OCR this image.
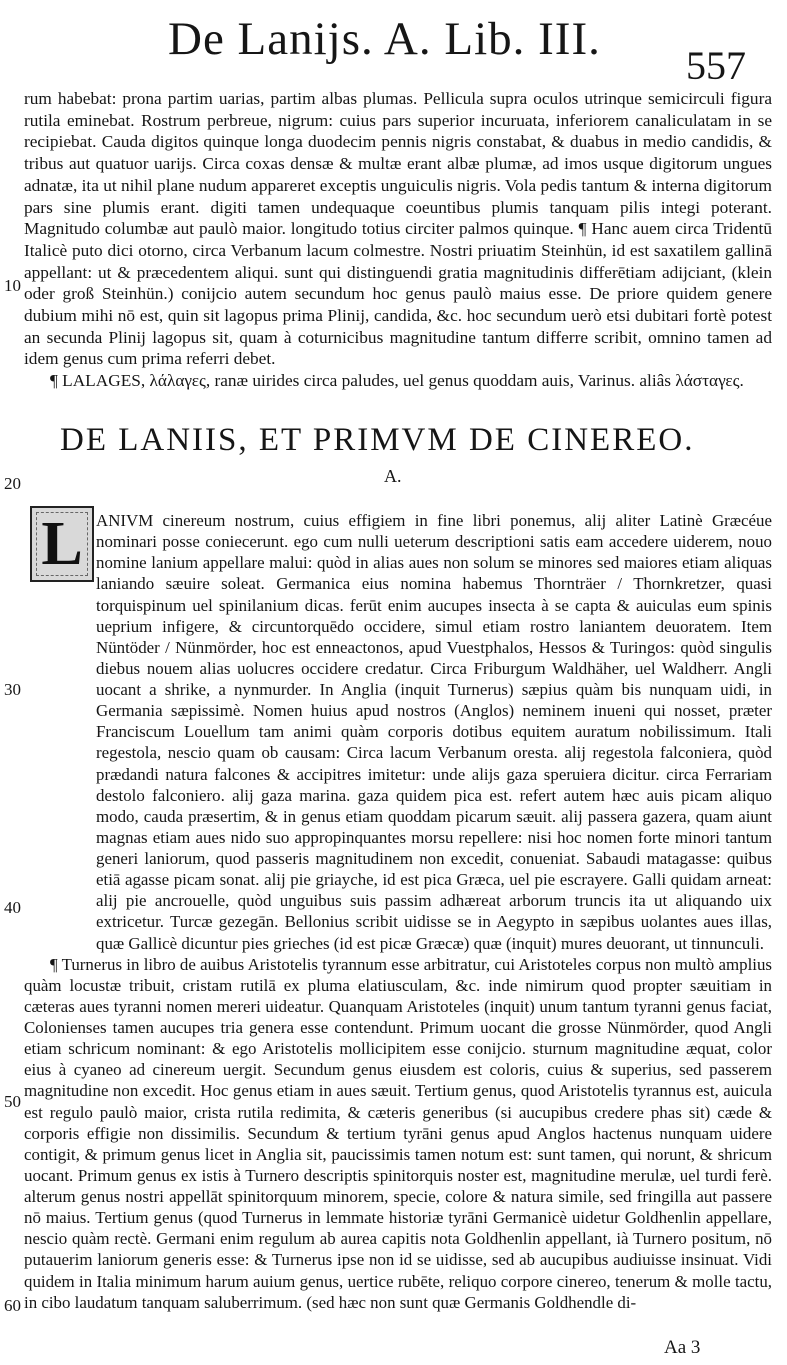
De Lanijs. A. Lib. III.
557
10
20
30
40
50
60

rum habebat: prona partim uarias, partim albas plumas. Pellicula supra oculos utrinque semicirculi figura rutila eminebat. Rostrum perbreue, nigrum: cuius pars superior incuruata, inferiorem canaliculatam in se recipiebat. Cauda digitos quinque longa duodecim pennis nigris constabat, & duabus in medio candidis, & tribus aut quatuor uarijs. Circa coxas densæ & multæ erant albæ plumæ, ad imos usque digitorum ungues adnatæ, ita ut nihil plane nudum appareret exceptis unguiculis nigris. Vola pedis tantum & interna digitorum pars sine plumis erant. digiti tamen undequaque coeuntibus plumis tanquam pilis integi poterant. Magnitudo columbæ aut paulò maior. longitudo totius circiter palmos quinque. ¶ Hanc auem circa Tridentū Italicè puto dici otorno, circa Verbanum lacum colmestre. Nostri priuatim Steinhün, id est saxatilem gallinā appellant: ut & præcedentem aliqui. sunt qui distinguendi gratia magnitudinis differētiam adijciant, (klein oder groß Steinhün.) conijcio autem secundum hoc genus paulò maius esse. De priore quidem genere dubium mihi nō est, quin sit lagopus prima Plinij, candida, &c. hoc secundum uerò etsi dubitari fortè potest an secunda Plinij lagopus sit, quam à coturnicibus magnitudine tantum differre scribit, omnino tamen ad idem genus cum prima referri debet.

¶ LALAGES, λάλαγες, ranæ uirides circa paludes, uel genus quoddam auis, Varinus. aliâs λάσταγες.

DE LANIIS, ET PRIMVM DE CINEREO.
A.
L ANIVM cinereum nostrum, cuius effigiem in fine libri ponemus, alij aliter Latinè Græcéue nominari posse coniecerunt. ego cum nulli ueterum descriptioni satis eam accedere uiderem, nouo nomine lanium appellare malui: quòd in alias aues non solum se minores sed maiores etiam aliquas laniando sæuire soleat. Germanica eius nomina habemus Thornträer / Thornkretzer, quasi torquispinum uel spinilanium dicas. ferūt enim aucupes insecta à se capta & auiculas eum spinis ueprium infigere, & circuntorquēdo occidere, simul etiam rostro laniantem deuoratem. Item Nüntöder / Nünmörder, hoc est enneactonos, apud Vuestphalos, Hessos & Turingos: quòd singulis diebus nouem alias uolucres occidere credatur. Circa Friburgum Waldhäher, uel Waldherr. Angli uocant a shrike, a nynmurder. In Anglia (inquit Turnerus) sæpius quàm bis nunquam uidi, in Germania sæpissimè. Nomen huius apud nostros (Anglos) neminem inueni qui nosset, præter Franciscum Louellum tam animi quàm corporis dotibus equitem auratum nobilissimum. Itali regestola, nescio quam ob causam: Circa lacum Verbanum oresta. alij regestola falconiera, quòd prædandi natura falcones & accipitres imitetur: unde alijs gaza speruiera dicitur. circa Ferrariam destolo falconiero. alij gaza marina. gaza quidem pica est. refert autem hæc auis picam aliquo modo, cauda præsertim, & in genus etiam quoddam picarum sæuit. alij passera gazera, quam aiunt magnas etiam aues nido suo appropinquantes morsu repellere: nisi hoc nomen forte minori tantum generi laniorum, quod passeris magnitudinem non excedit, conueniat. Sabaudi matagasse: quibus etiā agasse picam sonat. alij pie griayche, id est pica Græca, uel pie escrayere. Galli quidam arneat: alij pie ancrouelle, quòd unguibus suis passim adhæreat arborum truncis ita ut aliquando uix extricetur. Turcæ gezegān. Bellonius scribit uidisse se in Aegypto in sæpibus uolantes aues illas, quæ Gallicè dicuntur pies grieches (id est picæ Græcæ) quæ (inquit) mures deuorant, ut tinnunculi.

¶ Turnerus in libro de auibus Aristotelis tyrannum esse arbitratur, cui Aristoteles corpus non multò amplius quàm locustæ tribuit, cristam rutilā ex pluma elatiusculam, &c. inde nimirum quod propter sæuitiam in cæteras aues tyranni nomen mereri uideatur. Quanquam Aristoteles (inquit) unum tantum tyranni genus faciat, Colonienses tamen aucupes tria genera esse contendunt. Primum uocant die grosse Nünmörder, quod Angli etiam schricum nominant: & ego Aristotelis mollicipitem esse conijcio. sturnum magnitudine æquat, color eius à cyaneo ad cinereum uergit. Secundum genus eiusdem est coloris, cuius & superius, sed passerem magnitudine non excedit. Hoc genus etiam in aues sæuit. Tertium genus, quod Aristotelis tyrannus est, auicula est regulo paulò maior, crista rutila redimita, & cæteris generibus (si aucupibus credere phas sit) cæde & corporis effigie non dissimilis. Secundum & tertium tyrāni genus apud Anglos hactenus nunquam uidere contigit, & primum genus licet in Anglia sit, paucissimis tamen notum est: sunt tamen, qui norunt, & shricum uocant. Primum genus ex istis à Turnero descriptis spinitorquis noster est, magnitudine merulæ, uel turdi ferè. alterum genus nostri appellāt spinitorquum minorem, specie, colore & natura simile, sed fringilla aut passere nō maius. Tertium genus (quod Turnerus in lemmate historiæ tyrāni Germanicè uidetur Goldhenlin appellare, nescio quàm rectè. Germani enim regulum ab aurea capitis nota Goldhenlin appellant, ià Turnero positum, nō putauerim laniorum generis esse: & Turnerus ipse non id se uidisse, sed ab aucupibus audiuisse insinuat. Vidi quidem in Italia minimum harum auium genus, uertice rubēte, reliquo corpore cinereo, tenerum & molle tactu, in cibo laudatum tanquam saluberrimum. (sed hæc non sunt quæ Germanis Goldhendle di-

Aa 3
